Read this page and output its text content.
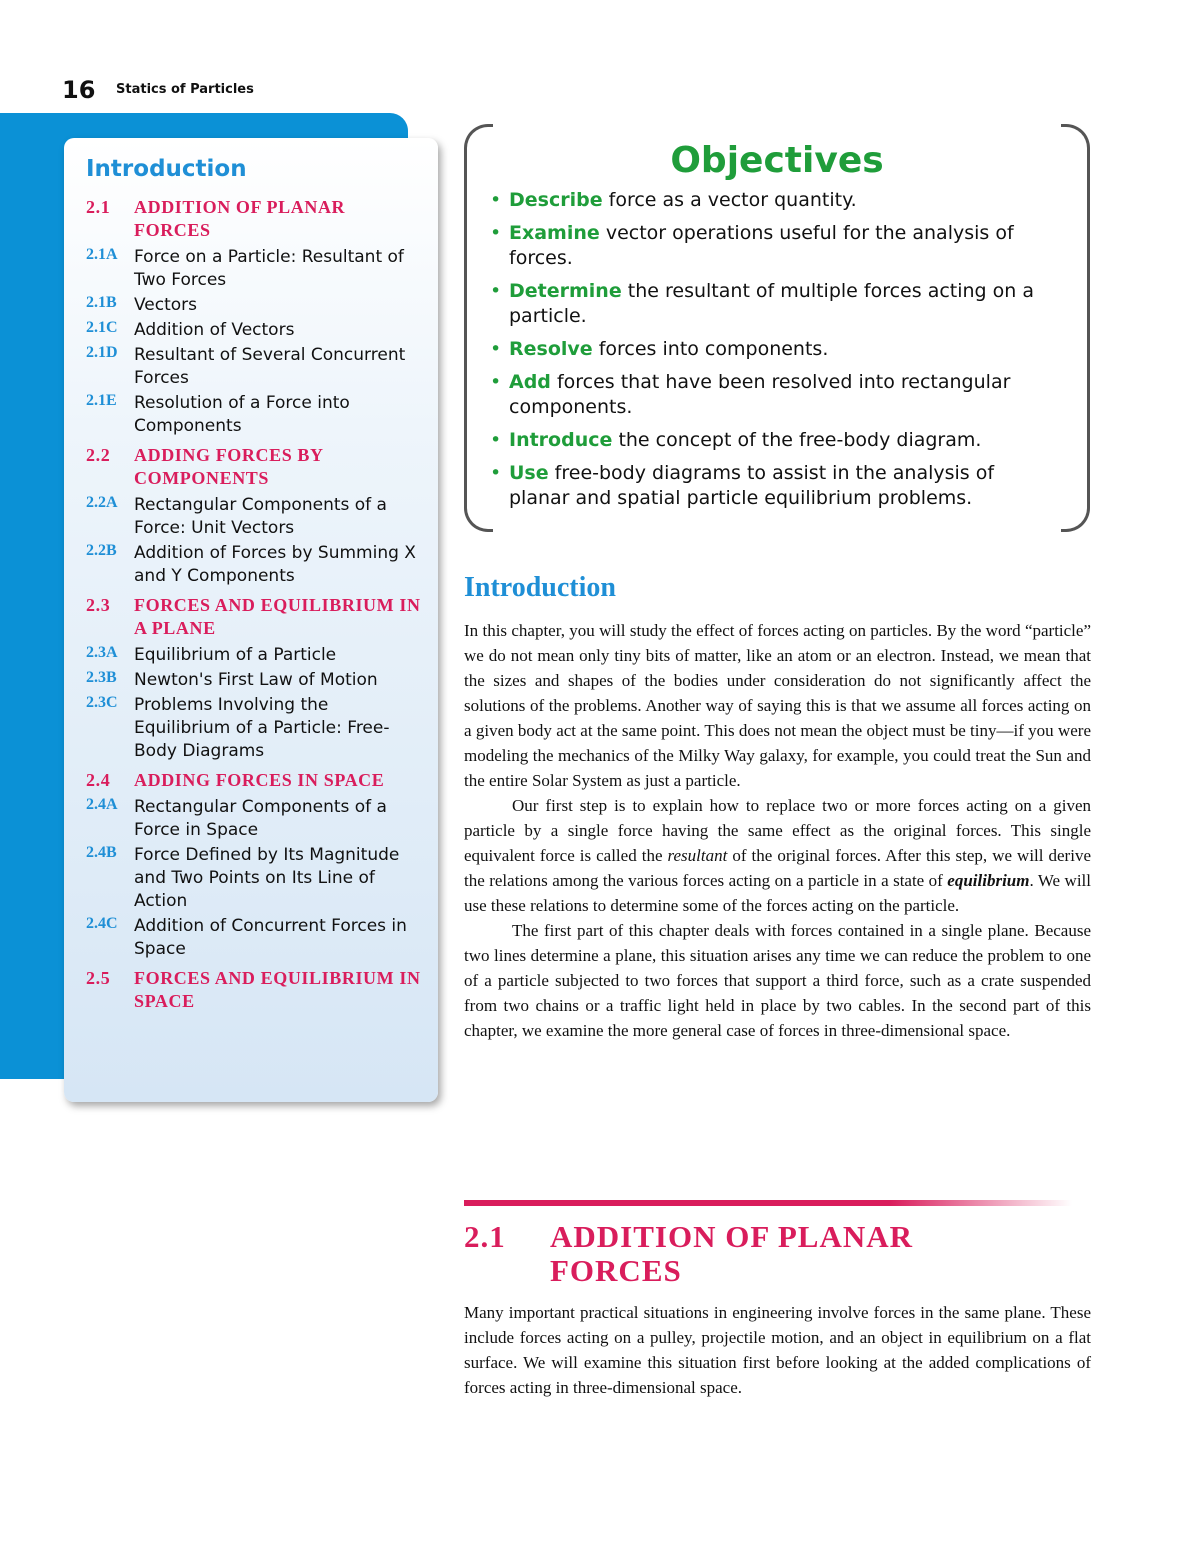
16 Statics of Particles
Introduction
2.1	ADDITION OF PLANAR FORCES
2.1A Force on a Particle: Resultant of Two Forces
2.1B	Vectors
2.1C Addition of Vectors
2.1D Resultant of Several Concurrent Forces
2.1E	Resolution of a Force into Components
2.2	ADDING FORCES BY COMPONENTS
2.2A Rectangular Components of a Force: Unit Vectors
2.2B	Addition of Forces by Summing X and Y Components
2.3	FORCES AND EQUILIBRIUM IN A PLANE
2.3A Equilibrium of a Particle
2.3B	Newton's First Law of Motion
2.3C Problems Involving the Equilibrium of a Particle: Free-Body Diagrams
2.4	ADDING FORCES IN SPACE
2.4A Rectangular Components of a Force in Space
2.4B	Force Defined by Its Magnitude and Two Points on Its Line of Action
2.4C Addition of Concurrent Forces in Space
2.5	FORCES AND EQUILIBRIUM IN SPACE
Objectives
• Describe force as a vector quantity.
• Examine vector operations useful for the analysis of forces.
• Determine the resultant of multiple forces acting on a particle.
• Resolve forces into components.
• Add forces that have been resolved into rectangular components.
• Introduce the concept of the free-body diagram.
• Use free-body diagrams to assist in the analysis of planar and spatial particle equilibrium problems.
Introduction

In this chapter, you will study the effect of forces acting on particles. By the word “particle” we do not mean only tiny bits of matter, like an atom or an electron. Instead, we mean that the sizes and shapes of the bodies under consideration do not significantly affect the solutions of the problems. Another way of saying this is that we assume all forces acting on a given body act at the same point. This does not mean the object must be tiny—if you were modeling the mechanics of the Milky Way galaxy, for example, you could treat the Sun and the entire Solar System as just a particle.

Our first step is to explain how to replace two or more forces acting on a given particle by a single force having the same effect as the original forces. This single equivalent force is called the resultant of the original forces. After this step, we will derive the relations among the various forces acting on a particle in a state of equilibrium. We will use these relations to determine some of the forces acting on the particle.

The first part of this chapter deals with forces contained in a single plane. Because two lines determine a plane, this situation arises any time we can reduce the problem to one of a particle subjected to two forces that support a third force, such as a crate suspended from two chains or a traffic light held in place by two cables. In the second part of this chapter, we examine the more general case of forces in three-dimensional space.

2.1	ADDITION OF PLANAR FORCES

Many important practical situations in engineering involve forces in the same plane. These include forces acting on a pulley, projectile motion, and an object in equilibrium on a flat surface. We will examine this situation first before looking at the added complications of forces acting in three-dimensional space.
